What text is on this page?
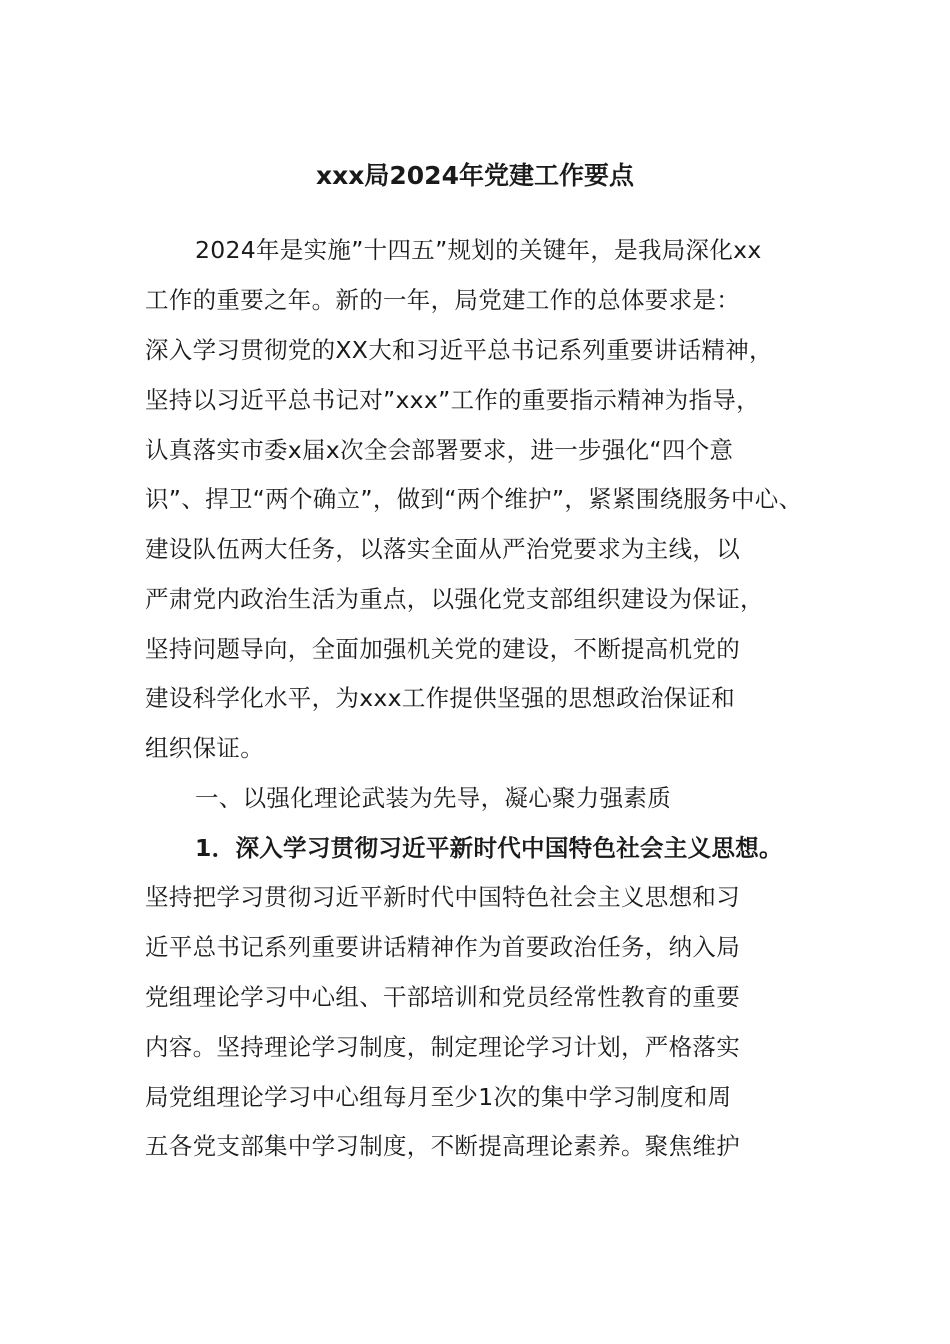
xxx局2024年党建工作要点
2024年是实施”十四五”规划的关键年，是我局深化xx
工作的重要之年。新的一年，局党建工作的总体要求是：
深入学习贯彻党的XX大和习近平总书记系列重要讲话精神，
坚持以习近平总书记对”xxx”工作的重要指示精神为指导，
认真落实市委x届x次全会部署要求，进一步强化“四个意
识”、捍卫“两个确立”，做到“两个维护”，紧紧围绕服务中心、
建设队伍两大任务，以落实全面从严治党要求为主线，以
严肃党内政治生活为重点，以强化党支部组织建设为保证，
坚持问题导向，全面加强机关党的建设，不断提高机党的
建设科学化水平，为xxx工作提供坚强的思想政治保证和
组织保证。
一、以强化理论武装为先导，凝心聚力强素质
1．深入学习贯彻习近平新时代中国特色社会主义思想。
坚持把学习贯彻习近平新时代中国特色社会主义思想和习
近平总书记系列重要讲话精神作为首要政治任务，纳入局
党组理论学习中心组、干部培训和党员经常性教育的重要
内容。坚持理论学习制度，制定理论学习计划，严格落实
局党组理论学习中心组每月至少1次的集中学习制度和周
五各党支部集中学习制度，不断提高理论素养。聚焦维护
